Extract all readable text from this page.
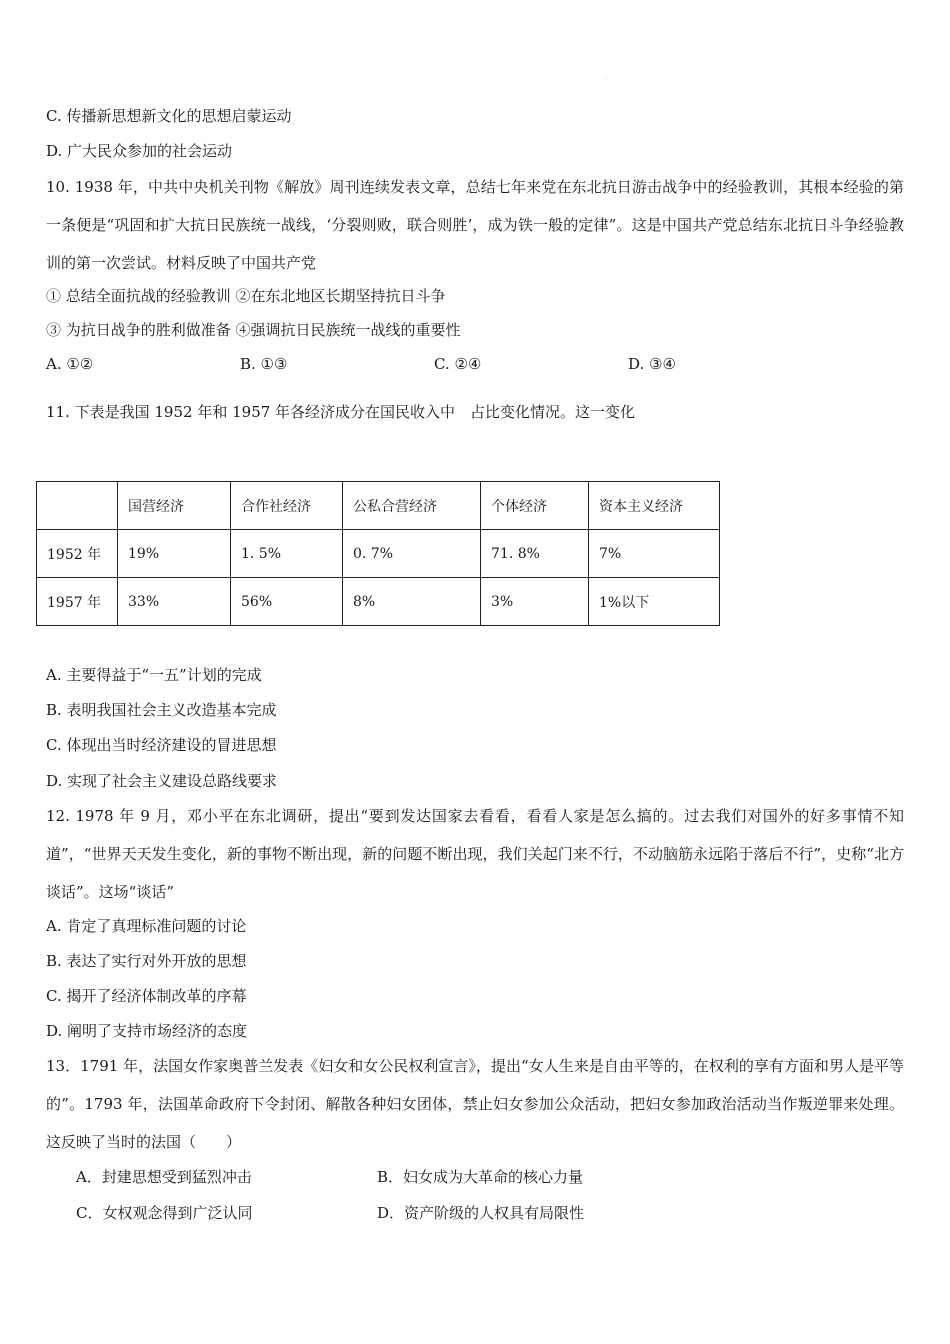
·
C. 传播新思想新文化的思想启蒙运动
D. 广大民众参加的社会运动
10. 1938 年，中共中央机关刊物《解放》周刊连续发表文章，总结七年来党在东北抗日游击战争中的经验教训，其根本经验的第一条便是“巩固和扩大抗日民族统一战线，‘分裂则败，联合则胜’，成为铁一般的定律”。这是中国共产党总结东北抗日斗争经验教训的第一次尝试。材料反映了中国共产党
① 总结全面抗战的经验教训 ②在东北地区长期坚持抗日斗争
③ 为抗日战争的胜利做准备 ④强调抗日民族统一战线的重要性
A. ①②	B. ①③	C. ②④	D. ③④
11. 下表是我国 1952 年和 1957 年各经济成分在国民收入中　占比变化情况。这一变化
	国营经济	合作社经济	公私合营经济	个体经济	资本主义经济
1952 年	19%	1. 5%	0. 7%	71. 8%	7%
1957 年	33%	56%	8%	3%	1%以下
A. 主要得益于“一五”计划的完成
B. 表明我国社会主义改造基本完成
C. 体现出当时经济建设的冒进思想
D. 实现了社会主义建设总路线要求
12. 1978 年 9 月，邓小平在东北调研，提出“要到发达国家去看看，看看人家是怎么搞的。过去我们对国外的好多事情不知道”，“世界天天发生变化，新的事物不断出现，新的问题不断出现，我们关起门来不行，不动脑筋永远陷于落后不行”，史称“北方谈话”。这场“谈话”
A. 肯定了真理标准问题的讨论
B. 表达了实行对外开放的思想
C. 揭开了经济体制改革的序幕
D. 阐明了支持市场经济的态度
13．1791 年，法国女作家奥普兰发表《妇女和女公民权利宣言》，提出“女人生来是自由平等的，在权利的享有方面和男人是平等的”。1793 年，法国革命政府下令封闭、解散各种妇女团体，禁止妇女参加公众活动，把妇女参加政治活动当作叛逆罪来处理。这反映了当时的法国（　　）
A．封建思想受到猛烈冲击	B．妇女成为大革命的核心力量
C．女权观念得到广泛认同	D．资产阶级的人权具有局限性
